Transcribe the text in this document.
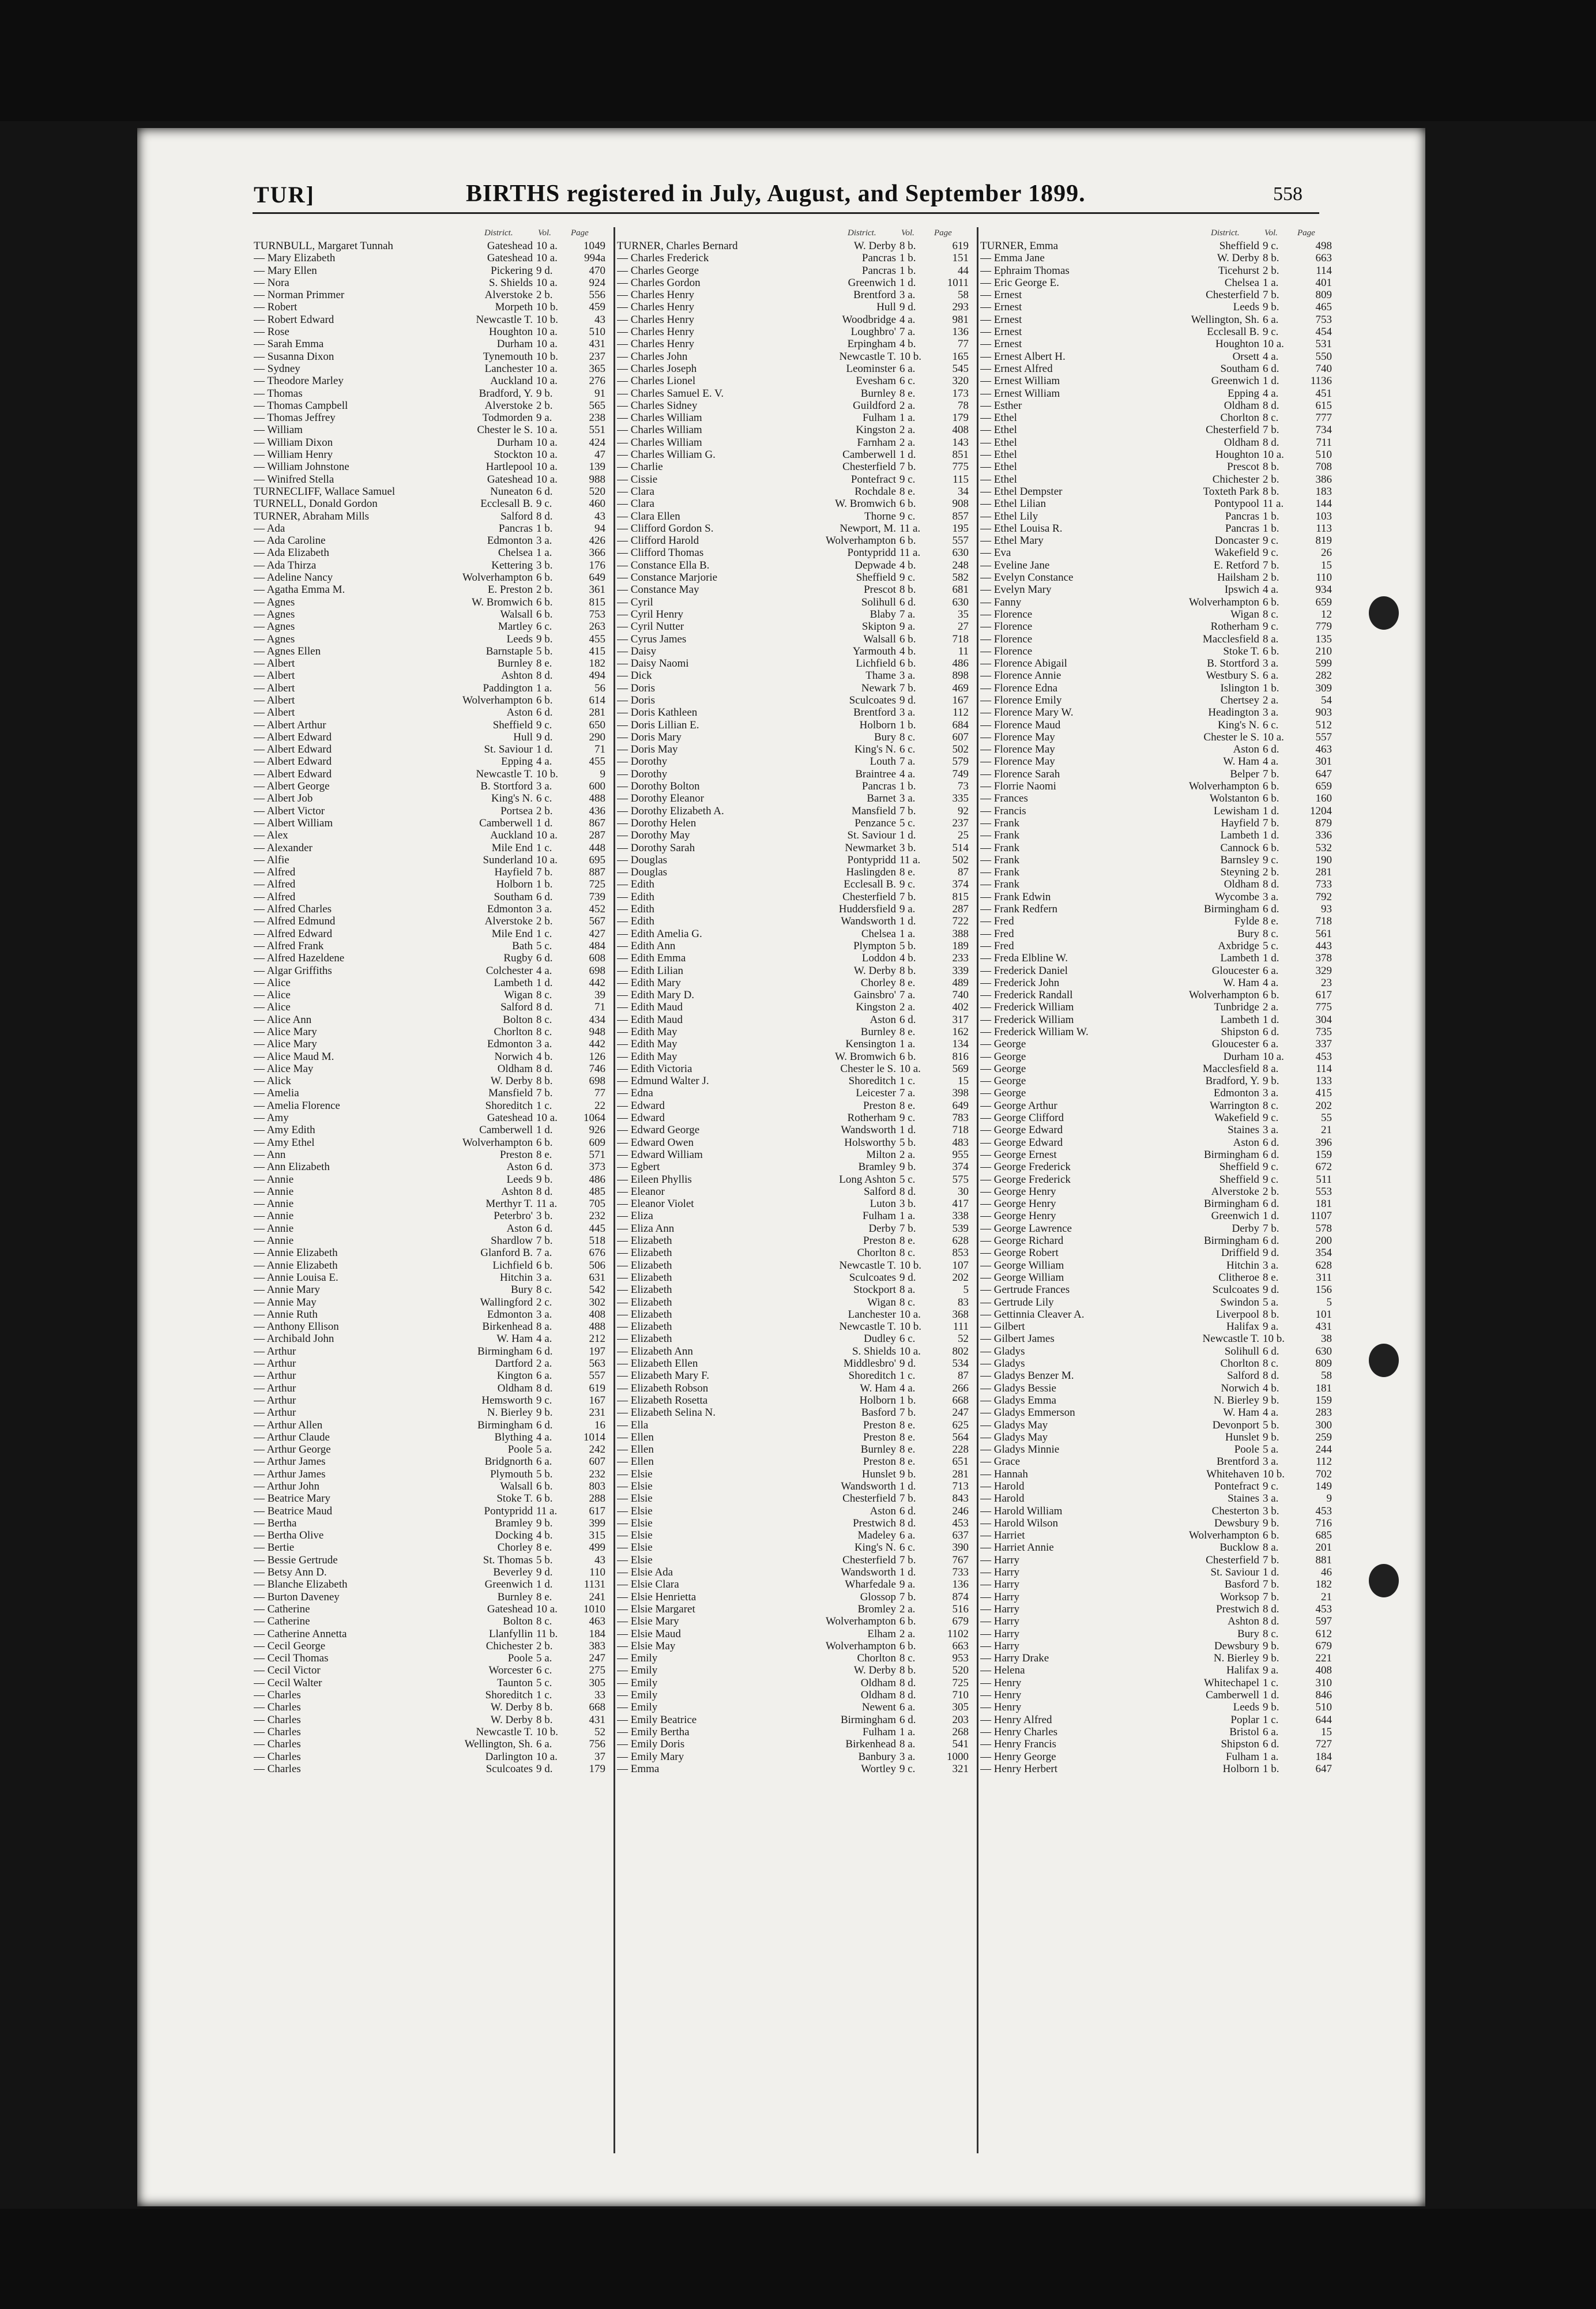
TUR]	BIRTHS registered in July, August, and September 1899.	558
District.	Vol. Page
TURNBULL, Margaret Tunnah	Gateshead 10 a.	1049
— Mary Elizabeth	Gateshead 10 a.	994a
— Mary Ellen	Pickering 9 d.	470
— Nora	S. Shields 10 a.	924
— Norman Primmer	Alverstoke 2 b.	556
— Robert	Morpeth 10 b.	459
— Robert Edward	Newcastle T. 10 b.	43
— Rose	Houghton 10 a.	510
— Sarah Emma	Durham 10 a.	431
— Susanna Dixon	Tynemouth 10 b.	237
— Sydney	Lanchester 10 a.	365
— Theodore Marley	Auckland 10 a.	276
— Thomas	Bradford, Y. 9 b.	91
— Thomas Campbell	Alverstoke 2 b.	565
— Thomas Jeffrey	Todmorden 9 a.	238
— William	Chester le S. 10 a.	551
— William Dixon	Durham 10 a.	424
— William Henry	Stockton 10 a.	47
— William Johnstone	Hartlepool 10 a.	139
— Winifred Stella	Gateshead 10 a.	988
TURNECLIFF, Wallace Samuel	Nuneaton 6 d.	520
TURNELL, Donald Gordon	Ecclesall B. 9 c.	460
TURNER, Abraham Mills	Salford 8 d.	43
— Ada	Pancras 1 b.	94
— Ada Caroline	Edmonton 3 a.	426
— Ada Elizabeth	Chelsea 1 a.	366
— Ada Thirza	Kettering 3 b.	176
— Adeline Nancy	Wolverhampton 6 b.	649
— Agatha Emma M.	E. Preston 2 b.	361
— Agnes	W. Bromwich 6 b.	815
— Agnes	Walsall 6 b.	753
— Agnes	Martley 6 c.	263
— Agnes	Leeds 9 b.	455
— Agnes Ellen	Barnstaple 5 b.	415
— Albert	Burnley 8 e.	182
— Albert	Ashton 8 d.	494
— Albert	Paddington 1 a.	56
— Albert	Wolverhampton 6 b.	614
— Albert	Aston 6 d.	281
— Albert Arthur	Sheffield 9 c.	650
— Albert Edward	Hull 9 d.	290
— Albert Edward	St. Saviour 1 d.	71
— Albert Edward	Epping 4 a.	455
— Albert Edward	Newcastle T. 10 b.	9
— Albert George	B. Stortford 3 a.	600
— Albert Job	King's N. 6 c.	488
— Albert Victor	Portsea 2 b.	436
— Albert William	Camberwell 1 d.	867
— Alex	Auckland 10 a.	287
— Alexander	Mile End 1 c.	448
— Alfie	Sunderland 10 a.	695
— Alfred	Hayfield 7 b.	887
— Alfred	Holborn 1 b.	725
— Alfred	Southam 6 d.	739
— Alfred Charles	Edmonton 3 a.	452
— Alfred Edmund	Alverstoke 2 b.	567
— Alfred Edward	Mile End 1 c.	427
— Alfred Frank	Bath 5 c.	484
— Alfred Hazeldene	Rugby 6 d.	608
— Algar Griffiths	Colchester 4 a.	698
— Alice	Lambeth 1 d.	442
— Alice	Wigan 8 c.	39
— Alice	Salford 8 d.	71
— Alice Ann	Bolton 8 c.	434
— Alice Mary	Chorlton 8 c.	948
— Alice Mary	Edmonton 3 a.	442
— Alice Maud M.	Norwich 4 b.	126
— Alice May	Oldham 8 d.	746
— Alick	W. Derby 8 b.	698
— Amelia	Mansfield 7 b.	77
— Amelia Florence	Shoreditch 1 c.	22
— Amy	Gateshead 10 a.	1064
— Amy Edith	Camberwell 1 d.	926
— Amy Ethel	Wolverhampton 6 b.	609
— Ann	Preston 8 e.	571
— Ann Elizabeth	Aston 6 d.	373
— Annie	Leeds 9 b.	486
— Annie	Ashton 8 d.	485
— Annie	Merthyr T. 11 a.	705
— Annie	Peterbro' 3 b.	232
— Annie	Aston 6 d.	445
— Annie	Shardlow 7 b.	518
— Annie Elizabeth	Glanford B. 7 a.	676
— Annie Elizabeth	Lichfield 6 b.	506
— Annie Louisa E.	Hitchin 3 a.	631
— Annie Mary	Bury 8 c.	542
— Annie May	Wallingford 2 c.	302
— Annie Ruth	Edmonton 3 a.	408
— Anthony Ellison	Birkenhead 8 a.	488
— Archibald John	W. Ham 4 a.	212
— Arthur	Birmingham 6 d.	197
— Arthur	Dartford 2 a.	563
— Arthur	Kington 6 a.	557
— Arthur	Oldham 8 d.	619
— Arthur	Hemsworth 9 c.	167
— Arthur	N. Bierley 9 b.	231
— Arthur Allen	Birmingham 6 d.	16
— Arthur Claude	Blything 4 a.	1014
— Arthur George	Poole 5 a.	242
— Arthur James	Bridgnorth 6 a.	607
— Arthur James	Plymouth 5 b.	232
— Arthur John	Walsall 6 b.	803
— Beatrice Mary	Stoke T. 6 b.	288
— Beatrice Maud	Pontypridd 11 a.	617
— Bertha	Bramley 9 b.	399
— Bertha Olive	Docking 4 b.	315
— Bertie	Chorley 8 e.	499
— Bessie Gertrude	St. Thomas 5 b.	43
— Betsy Ann D.	Beverley 9 d.	110
— Blanche Elizabeth	Greenwich 1 d.	1131
— Burton Daveney	Burnley 8 e.	241
— Catherine	Gateshead 10 a.	1010
— Catherine	Bolton 8 c.	463
— Catherine Annetta	Llanfyllin 11 b.	184
— Cecil George	Chichester 2 b.	383
— Cecil Thomas	Poole 5 a.	247
— Cecil Victor	Worcester 6 c.	275
— Cecil Walter	Taunton 5 c.	305
— Charles	Shoreditch 1 c.	33
— Charles	W. Derby 8 b.	668
— Charles	W. Derby 8 b.	431
— Charles	Newcastle T. 10 b.	52
— Charles	Wellington, Sh. 6 a.	756
— Charles	Darlington 10 a.	37
— Charles	Sculcoates 9 d.	179
District.	Vol. Page
TURNER, Charles Bernard	W. Derby 8 b.	619
— Charles Frederick	Pancras 1 b.	151
— Charles George	Pancras 1 b.	44
— Charles Gordon	Greenwich 1 d.	1011
— Charles Henry	Brentford 3 a.	58
— Charles Henry	Hull 9 d.	293
— Charles Henry	Woodbridge 4 a.	981
— Charles Henry	Loughbro' 7 a.	136
— Charles Henry	Erpingham 4 b.	77
— Charles John	Newcastle T. 10 b.	165
— Charles Joseph	Leominster 6 a.	545
— Charles Lionel	Evesham 6 c.	320
— Charles Samuel E. V.	Burnley 8 e.	173
— Charles Sidney	Guildford 2 a.	78
— Charles William	Fulham 1 a.	179
— Charles William	Kingston 2 a.	408
— Charles William	Farnham 2 a.	143
— Charles William G.	Camberwell 1 d.	851
— Charlie	Chesterfield 7 b.	775
— Cissie	Pontefract 9 c.	115
— Clara	Rochdale 8 e.	34
— Clara	W. Bromwich 6 b.	908
— Clara Ellen	Thorne 9 c.	857
— Clifford Gordon S.	Newport, M. 11 a.	195
— Clifford Harold	Wolverhampton 6 b.	557
— Clifford Thomas	Pontypridd 11 a.	630
— Constance Ella B.	Depwade 4 b.	248
— Constance Marjorie	Sheffield 9 c.	582
— Constance May	Prescot 8 b.	681
— Cyril	Solihull 6 d.	630
— Cyril Henry	Blaby 7 a.	35
— Cyril Nutter	Skipton 9 a.	27
— Cyrus James	Walsall 6 b.	718
— Daisy	Yarmouth 4 b.	11
— Daisy Naomi	Lichfield 6 b.	486
— Dick	Thame 3 a.	898
— Doris	Newark 7 b.	469
— Doris	Sculcoates 9 d.	167
— Doris Kathleen	Brentford 3 a.	112
— Doris Lillian E.	Holborn 1 b.	684
— Doris Mary	Bury 8 c.	607
— Doris May	King's N. 6 c.	502
— Dorothy	Louth 7 a.	579
— Dorothy	Braintree 4 a.	749
— Dorothy Bolton	Pancras 1 b.	73
— Dorothy Eleanor	Barnet 3 a.	335
— Dorothy Elizabeth A.	Mansfield 7 b.	92
— Dorothy Helen	Penzance 5 c.	237
— Dorothy May	St. Saviour 1 d.	25
— Dorothy Sarah	Newmarket 3 b.	514
— Douglas	Pontypridd 11 a.	502
— Douglas	Haslingden 8 e.	87
— Edith	Ecclesall B. 9 c.	374
— Edith	Chesterfield 7 b.	815
— Edith	Huddersfield 9 a.	287
— Edith	Wandsworth 1 d.	722
— Edith Amelia G.	Chelsea 1 a.	388
— Edith Ann	Plympton 5 b.	189
— Edith Emma	Loddon 4 b.	233
— Edith Lilian	W. Derby 8 b.	339
— Edith Mary	Chorley 8 e.	489
— Edith Mary D.	Gainsbro' 7 a.	740
— Edith Maud	Kingston 2 a.	402
— Edith Maud	Aston 6 d.	317
— Edith May	Burnley 8 e.	162
— Edith May	Kensington 1 a.	134
— Edith May	W. Bromwich 6 b.	816
— Edith Victoria	Chester le S. 10 a.	569
— Edmund Walter J.	Shoreditch 1 c.	15
— Edna	Leicester 7 a.	398
— Edward	Preston 8 e.	649
— Edward	Rotherham 9 c.	783
— Edward George	Wandsworth 1 d.	718
— Edward Owen	Holsworthy 5 b.	483
— Edward William	Milton 2 a.	955
— Egbert	Bramley 9 b.	374
— Eileen Phyllis	Long Ashton 5 c.	575
— Eleanor	Salford 8 d.	30
— Eleanor Violet	Luton 3 b.	417
— Eliza	Fulham 1 a.	338
— Eliza Ann	Derby 7 b.	539
— Elizabeth	Preston 8 e.	628
— Elizabeth	Chorlton 8 c.	853
— Elizabeth	Newcastle T. 10 b.	107
— Elizabeth	Sculcoates 9 d.	202
— Elizabeth	Stockport 8 a.	5
— Elizabeth	Wigan 8 c.	83
— Elizabeth	Lanchester 10 a.	368
— Elizabeth	Newcastle T. 10 b.	111
— Elizabeth	Dudley 6 c.	52
— Elizabeth Ann	S. Shields 10 a.	802
— Elizabeth Ellen	Middlesbro' 9 d.	534
— Elizabeth Mary F.	Shoreditch 1 c.	87
— Elizabeth Robson	W. Ham 4 a.	266
— Elizabeth Rosetta	Holborn 1 b.	668
— Elizabeth Selina N.	Basford 7 b.	247
— Ella	Preston 8 e.	625
— Ellen	Preston 8 e.	564
— Ellen	Burnley 8 e.	228
— Ellen	Preston 8 e.	651
— Elsie	Hunslet 9 b.	281
— Elsie	Wandsworth 1 d.	713
— Elsie	Chesterfield 7 b.	843
— Elsie	Aston 6 d.	246
— Elsie	Prestwich 8 d.	453
— Elsie	Madeley 6 a.	637
— Elsie	King's N. 6 c.	390
— Elsie	Chesterfield 7 b.	767
— Elsie Ada	Wandsworth 1 d.	733
— Elsie Clara	Wharfedale 9 a.	136
— Elsie Henrietta	Glossop 7 b.	874
— Elsie Margaret	Bromley 2 a.	516
— Elsie Mary	Wolverhampton 6 b.	679
— Elsie Maud	Elham 2 a.	1102
— Elsie May	Wolverhampton 6 b.	663
— Emily	Chorlton 8 c.	953
— Emily	W. Derby 8 b.	520
— Emily	Oldham 8 d.	725
— Emily	Oldham 8 d.	710
— Emily	Newent 6 a.	305
— Emily Beatrice	Birmingham 6 d.	203
— Emily Bertha	Fulham 1 a.	268
— Emily Doris	Birkenhead 8 a.	541
— Emily Mary	Banbury 3 a.	1000
— Emma	Wortley 9 c.	321
District.	Vol. Page
TURNER, Emma	Sheffield 9 c.	498
— Emma Jane	W. Derby 8 b.	663
— Ephraim Thomas	Ticehurst 2 b.	114
— Eric George E.	Chelsea 1 a.	401
— Ernest	Chesterfield 7 b.	809
— Ernest	Leeds 9 b.	465
— Ernest	Wellington, Sh. 6 a.	753
— Ernest	Ecclesall B. 9 c.	454
— Ernest	Houghton 10 a.	531
— Ernest Albert H.	Orsett 4 a.	550
— Ernest Alfred	Southam 6 d.	740
— Ernest William	Greenwich 1 d.	1136
— Ernest William	Epping 4 a.	451
— Esther	Oldham 8 d.	615
— Ethel	Chorlton 8 c.	777
— Ethel	Chesterfield 7 b.	734
— Ethel	Oldham 8 d.	711
— Ethel	Houghton 10 a.	510
— Ethel	Prescot 8 b.	708
— Ethel	Chichester 2 b.	386
— Ethel Dempster	Toxteth Park 8 b.	183
— Ethel Lilian	Pontypool 11 a.	144
— Ethel Lily	Pancras 1 b.	103
— Ethel Louisa R.	Pancras 1 b.	113
— Ethel Mary	Doncaster 9 c.	819
— Eva	Wakefield 9 c.	26
— Eveline Jane	E. Retford 7 b.	15
— Evelyn Constance	Hailsham 2 b.	110
— Evelyn Mary	Ipswich 4 a.	934
— Fanny	Wolverhampton 6 b.	659
— Florence	Wigan 8 c.	12
— Florence	Rotherham 9 c.	779
— Florence	Macclesfield 8 a.	135
— Florence	Stoke T. 6 b.	210
— Florence Abigail	B. Stortford 3 a.	599
— Florence Annie	Westbury S. 6 a.	282
— Florence Edna	Islington 1 b.	309
— Florence Emily	Chertsey 2 a.	54
— Florence Mary W.	Headington 3 a.	903
— Florence Maud	King's N. 6 c.	512
— Florence May	Chester le S. 10 a.	557
— Florence May	Aston 6 d.	463
— Florence May	W. Ham 4 a.	301
— Florence Sarah	Belper 7 b.	647
— Florrie Naomi	Wolverhampton 6 b.	659
— Frances	Wolstanton 6 b.	160
— Francis	Lewisham 1 d.	1204
— Frank	Hayfield 7 b.	879
— Frank	Lambeth 1 d.	336
— Frank	Cannock 6 b.	532
— Frank	Barnsley 9 c.	190
— Frank	Steyning 2 b.	281
— Frank	Oldham 8 d.	733
— Frank Edwin	Wycombe 3 a.	792
— Frank Redfern	Birmingham 6 d.	93
— Fred	Fylde 8 e.	718
— Fred	Bury 8 c.	561
— Fred	Axbridge 5 c.	443
— Freda Elbline W.	Lambeth 1 d.	378
— Frederick Daniel	Gloucester 6 a.	329
— Frederick John	W. Ham 4 a.	23
— Frederick Randall	Wolverhampton 6 b.	617
— Frederick William	Tunbridge 2 a.	775
— Frederick William	Lambeth 1 d.	304
— Frederick William W.	Shipston 6 d.	735
— George	Gloucester 6 a.	337
— George	Durham 10 a.	453
— George	Macclesfield 8 a.	114
— George	Bradford, Y. 9 b.	133
— George	Edmonton 3 a.	415
— George Arthur	Warrington 8 c.	202
— George Clifford	Wakefield 9 c.	55
— George Edward	Staines 3 a.	21
— George Edward	Aston 6 d.	396
— George Ernest	Birmingham 6 d.	159
— George Frederick	Sheffield 9 c.	672
— George Frederick	Sheffield 9 c.	511
— George Henry	Alverstoke 2 b.	553
— George Henry	Birmingham 6 d.	181
— George Henry	Greenwich 1 d.	1107
— George Lawrence	Derby 7 b.	578
— George Richard	Birmingham 6 d.	200
— George Robert	Driffield 9 d.	354
— George William	Hitchin 3 a.	628
— George William	Clitheroe 8 e.	311
— Gertrude Frances	Sculcoates 9 d.	156
— Gertrude Lily	Swindon 5 a.	5
— Gettinnia Cleaver A.	Liverpool 8 b.	101
— Gilbert	Halifax 9 a.	431
— Gilbert James	Newcastle T. 10 b.	38
— Gladys	Solihull 6 d.	630
— Gladys	Chorlton 8 c.	809
— Gladys Benzer M.	Salford 8 d.	58
— Gladys Bessie	Norwich 4 b.	181
— Gladys Emma	N. Bierley 9 b.	159
— Gladys Emmerson	W. Ham 4 a.	283
— Gladys May	Devonport 5 b.	300
— Gladys May	Hunslet 9 b.	259
— Gladys Minnie	Poole 5 a.	244
— Grace	Brentford 3 a.	112
— Hannah	Whitehaven 10 b.	702
— Harold	Pontefract 9 c.	149
— Harold	Staines 3 a.	9
— Harold William	Chesterton 3 b.	453
— Harold Wilson	Dewsbury 9 b.	716
— Harriet	Wolverhampton 6 b.	685
— Harriet Annie	Bucklow 8 a.	201
— Harry	Chesterfield 7 b.	881
— Harry	St. Saviour 1 d.	46
— Harry	Basford 7 b.	182
— Harry	Worksop 7 b.	21
— Harry	Prestwich 8 d.	453
— Harry	Ashton 8 d.	597
— Harry	Bury 8 c.	612
— Harry	Dewsbury 9 b.	679
— Harry Drake	N. Bierley 9 b.	221
— Helena	Halifax 9 a.	408
— Henry	Whitechapel 1 c.	310
— Henry	Camberwell 1 d.	846
— Henry	Leeds 9 b.	510
— Henry Alfred	Poplar 1 c.	644
— Henry Charles	Bristol 6 a.	15
— Henry Francis	Shipston 6 d.	727
— Henry George	Fulham 1 a.	184
— Henry Herbert	Holborn 1 b.	647
